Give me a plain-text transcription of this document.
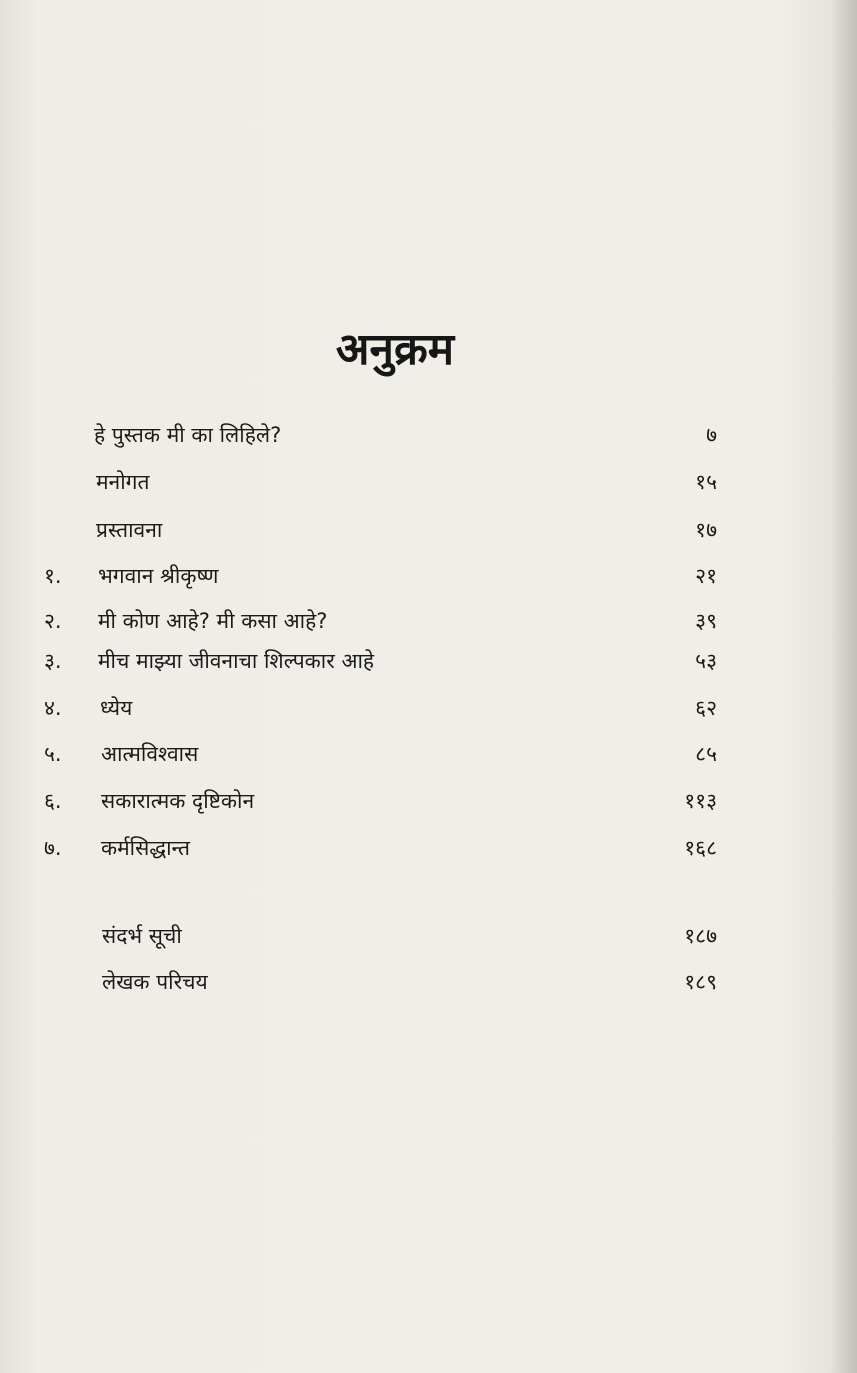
अनुक्रम
हे पुस्तक मी का लिहिले?	७
मनोगत	१५
प्रस्तावना	१७
१. भगवान श्रीकृष्ण	२१
२. मी कोण आहे? मी कसा आहे?	३९
३. मीच माझ्या जीवनाचा शिल्पकार आहे	५३
४. ध्येय	६२
५. आत्मविश्वास	८५
६. सकारात्मक दृष्टिकोन	११३
७. कर्मसिद्धान्त	१६८
संदर्भ सूची	१८७
लेखक परिचय	१८९
